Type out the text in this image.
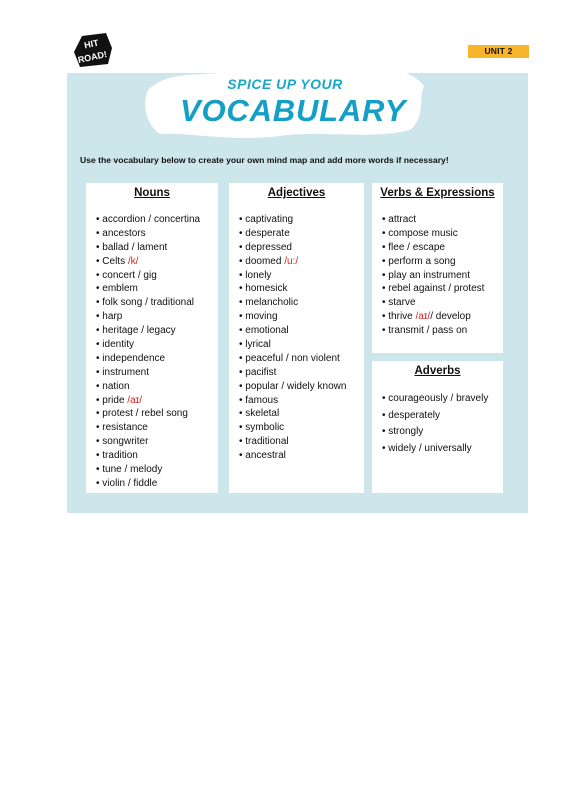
HIT
ROAD!	UNIT 2
SPICE UP YOUR
VOCABULARY
Use the vocabulary below to create your own mind map and add more words if necessary!
Nouns
• accordion / concertina
• ancestors
• ballad / lament
• Celts /k/
• concert / gig
• emblem
• folk song / traditional
• harp
• heritage / legacy
• identity
• independence
• instrument
• nation
• pride /aɪ/
• protest / rebel song
• resistance
• songwriter
• tradition
• tune / melody
• violin / fiddle
Adjectives
• captivating
• desperate
• depressed
• doomed /u:/
• lonely
• homesick
• melancholic
• moving
• emotional
• lyrical
• peaceful / non violent
• pacifist
• popular / widely known
• famous
• skeletal
• symbolic
• traditional
• ancestral
Verbs & Expressions
• attract
• compose music
• flee / escape
• perform a song
• play an instrument
• rebel against / protest
• starve
• thrive /aɪ// develop
• transmit / pass on
Adverbs
• courageously / bravely
• desperately
• strongly
• widely / universally
